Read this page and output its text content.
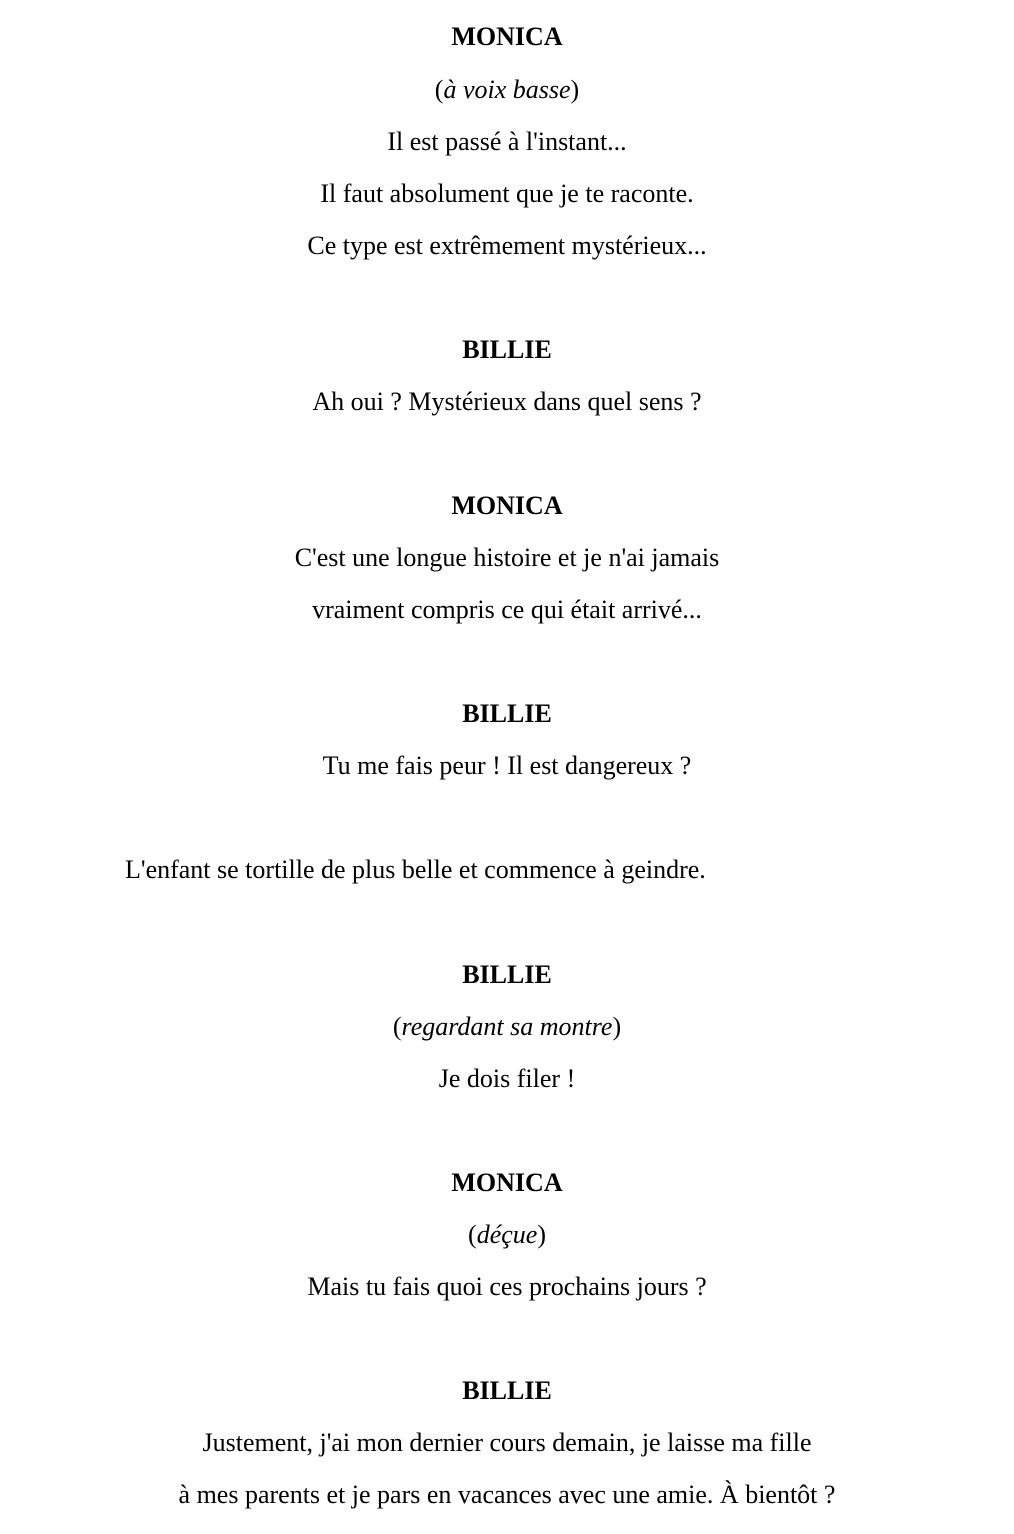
MONICA
(à voix basse)
Il est passé à l'instant...
Il faut absolument que je te raconte.
Ce type est extrêmement mystérieux...
BILLIE
Ah oui ? Mystérieux dans quel sens ?
MONICA
C'est une longue histoire et je n'ai jamais
vraiment compris ce qui était arrivé...
BILLIE
Tu me fais peur ! Il est dangereux ?
L'enfant se tortille de plus belle et commence à geindre.
BILLIE
(regardant sa montre)
Je dois filer !
MONICA
(déçue)
Mais tu fais quoi ces prochains jours ?
BILLIE
Justement, j'ai mon dernier cours demain, je laisse ma fille
à mes parents et je pars en vacances avec une amie. À bientôt ?
